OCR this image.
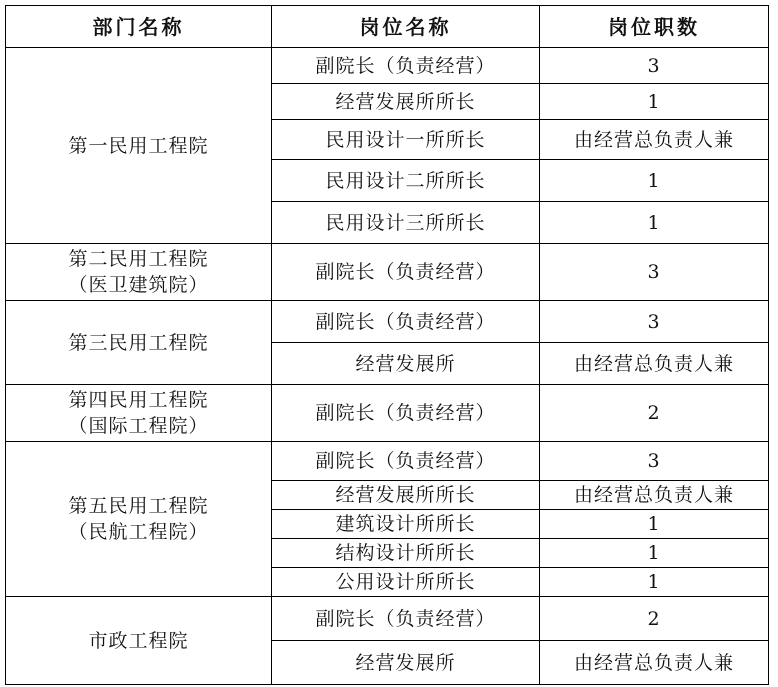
部门名称	岗位名称	岗位职数

第一民用工程院	副院长（负责经营）	3
	经营发展所所长	1
	民用设计一所所长	由经营总负责人兼
	民用设计二所所长	1
	民用设计三所所长	1

第二民用工程院
（医卫建筑院）	副院长（负责经营）	3

第三民用工程院	副院长（负责经营）	3
	经营发展所	由经营总负责人兼

第四民用工程院
（国际工程院）	副院长（负责经营）	2

第五民用工程院
（民航工程院）	副院长（负责经营）	3
	经营发展所所长	由经营总负责人兼
	建筑设计所所长	1
	结构设计所所长	1
	公用设计所所长	1

市政工程院	副院长（负责经营）	2
	经营发展所	由经营总负责人兼
